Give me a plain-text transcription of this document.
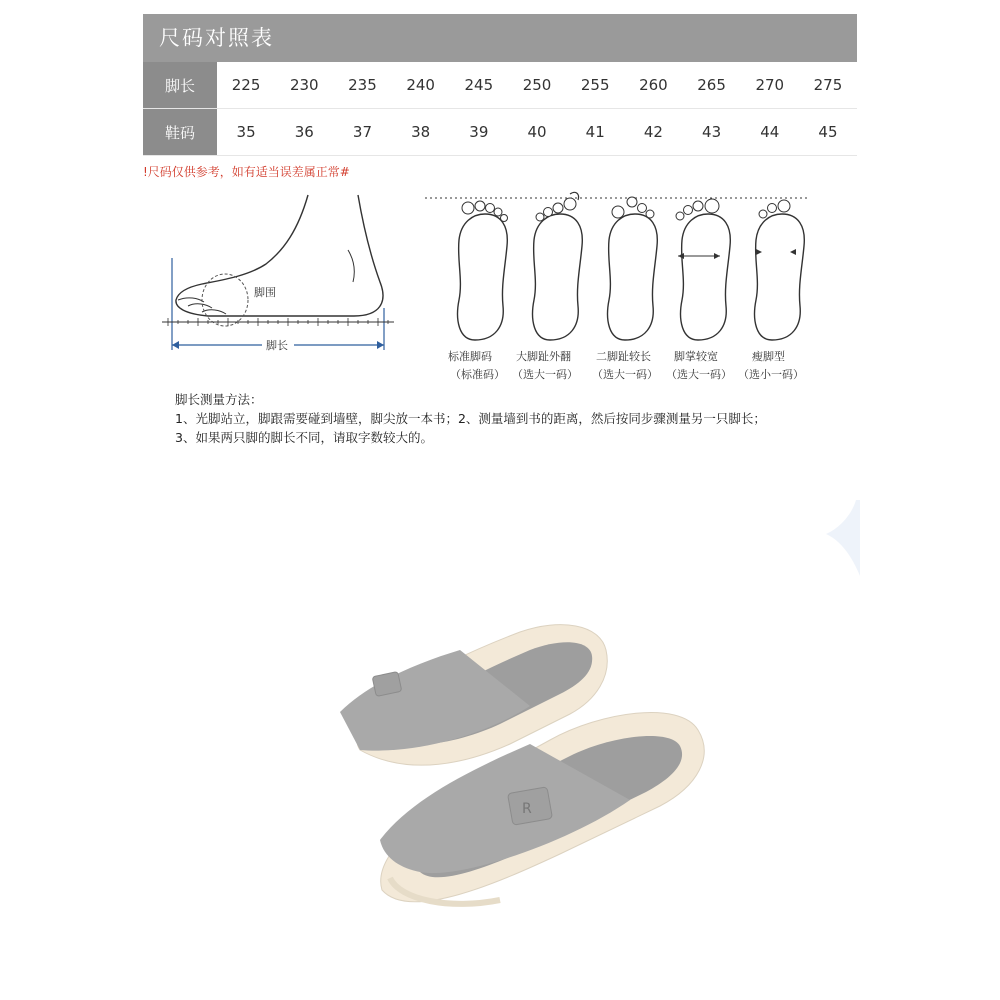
尺码对照表
脚长	225	230	235	240	245	250	255	260	265	270	275
鞋码	35	36	37	38	39	40	41	42	43	44	45
!尺码仅供参考，如有适当误差属正常#
脚围
脚长
标准脚码
（标准码）
大脚趾外翻
（选大一码）
二脚趾较长
（选大一码）
脚掌较宽
（选大一码）
瘦脚型
（选小一码）
脚长测量方法：
1、光脚站立，脚跟需要碰到墙壁，脚尖放一本书；2、测量墙到书的距离，然后按同步骤测量另一只脚长；
3、如果两只脚的脚长不同，请取字数较大的。
R
